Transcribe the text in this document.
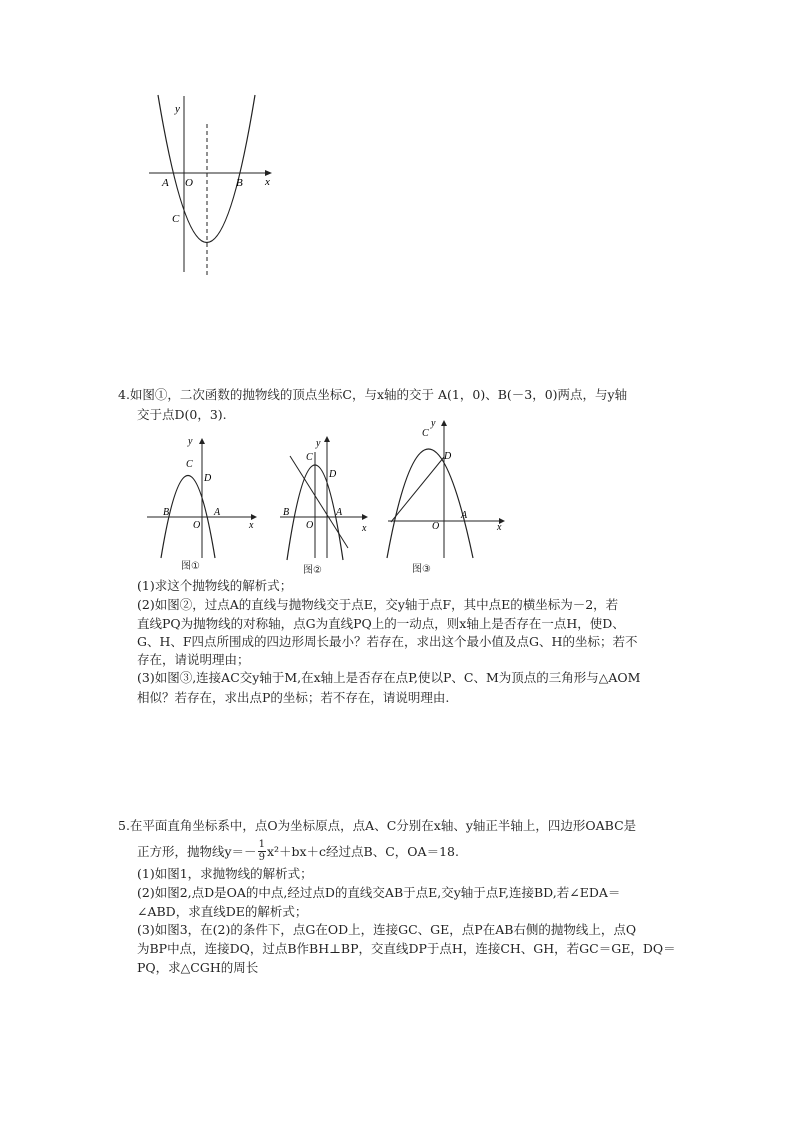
y
x
A O	B
C
4.如图①，二次函数的抛物线的顶点坐标C，与x轴的交于 A(1，0)、B(－3，0)两点，与y轴
交于点D(0，3).
y
C
D
B	A
O	x
图①
y
C
D
B	A
O	x
图②
y
C
D
O
A
x
图③
(1)求这个抛物线的解析式；
(2)如图②，过点A的直线与抛物线交于点E，交y轴于点F，其中点E的横坐标为－2，若
直线PQ为抛物线的对称轴，点G为直线PQ上的一动点，则x轴上是否存在一点H，使D、
G、H、F四点所围成的四边形周长最小？若存在，求出这个最小值及点G、H的坐标；若不
存在，请说明理由；
(3)如图③,连接AC交y轴于M,在x轴上是否存在点P,使以P、C、M为顶点的三角形与△AOM
相似？若存在，求出点P的坐标；若不存在，请说明理由.
5.在平面直角坐标系中，点O为坐标原点，点A、C分别在x轴、y轴正半轴上，四边形OABC是
正方形，抛物线$y=- \frac{1}{9} x^2+bx+c$经过点B、C，OA＝18.
(1)如图1，求抛物线的解析式；
(2)如图2,点D是OA的中点,经过点D的直线交AB于点E,交y轴于点F,连接BD,若∠EDA＝
∠ABD，求直线DE的解析式；
(3)如图3，在(2)的条件下，点G在OD上，连接GC、GE，点P在AB右侧的抛物线上，点Q
为BP中点，连接DQ，过点B作BH⊥BP，交直线DP于点H，连接CH、GH，若GC＝GE，DQ＝
PQ，求△CGH的周长
